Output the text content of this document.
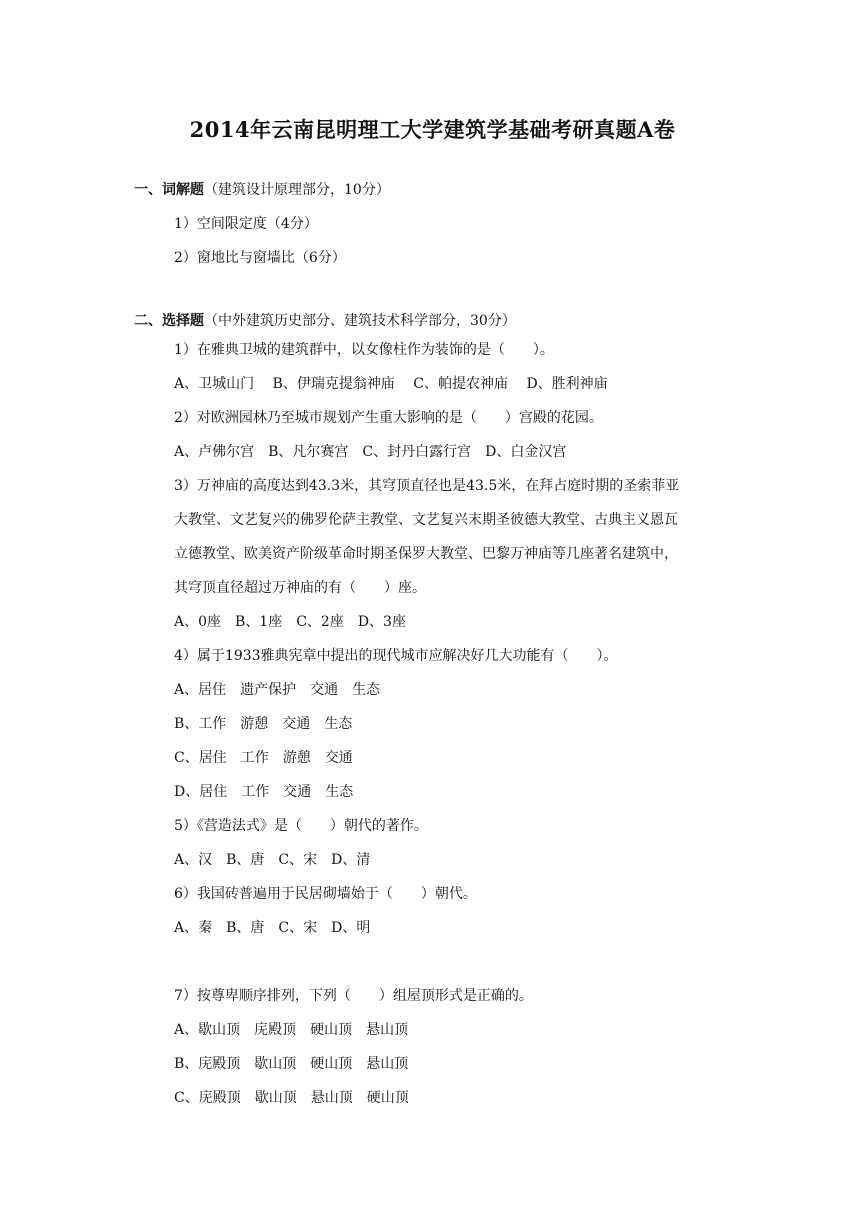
2014年云南昆明理工大学建筑学基础考研真题A卷
一、词解题（建筑设计原理部分，10分）
1）空间限定度（4分）
2）窗地比与窗墙比（6分）
二、选择题（中外建筑历史部分、建筑技术科学部分，30分）
1）在雅典卫城的建筑群中，以女像柱作为装饰的是（　　）。
A、卫城山门　 B、伊瑞克提翁神庙　 C、帕提农神庙　 D、胜利神庙
2）对欧洲园林乃至城市规划产生重大影响的是（　　）宫殿的花园。
A、卢佛尔宫　B、凡尔赛宫　C、封丹白露行宫　D、白金汉宫
3）万神庙的高度达到43.3米，其穹顶直径也是43.5米，在拜占庭时期的圣索菲亚
大教堂、文艺复兴的佛罗伦萨主教堂、文艺复兴末期圣彼德大教堂、古典主义恩瓦
立德教堂、欧美资产阶级革命时期圣保罗大教堂、巴黎万神庙等几座著名建筑中，
其穹顶直径超过万神庙的有（　　）座。
A、0座　B、1座　C、2座　D、3座
4）属于1933雅典宪章中提出的现代城市应解决好几大功能有（　　）。
A、居住　遗产保护　交通　生态
B、工作　游憩　交通　生态
C、居住　工作　游憩　交通
D、居住　工作　交通　生态
5）《营造法式》是（　　）朝代的著作。
A、汉　B、唐　C、宋　D、清
6）我国砖普遍用于民居砌墙始于（　　）朝代。
A、秦　B、唐　C、宋　D、明
7）按尊卑顺序排列，下列（　　）组屋顶形式是正确的。
A、歇山顶　庑殿顶　硬山顶　悬山顶
B、庑殿顶　歇山顶　硬山顶　悬山顶
C、庑殿顶　歇山顶　悬山顶　硬山顶
